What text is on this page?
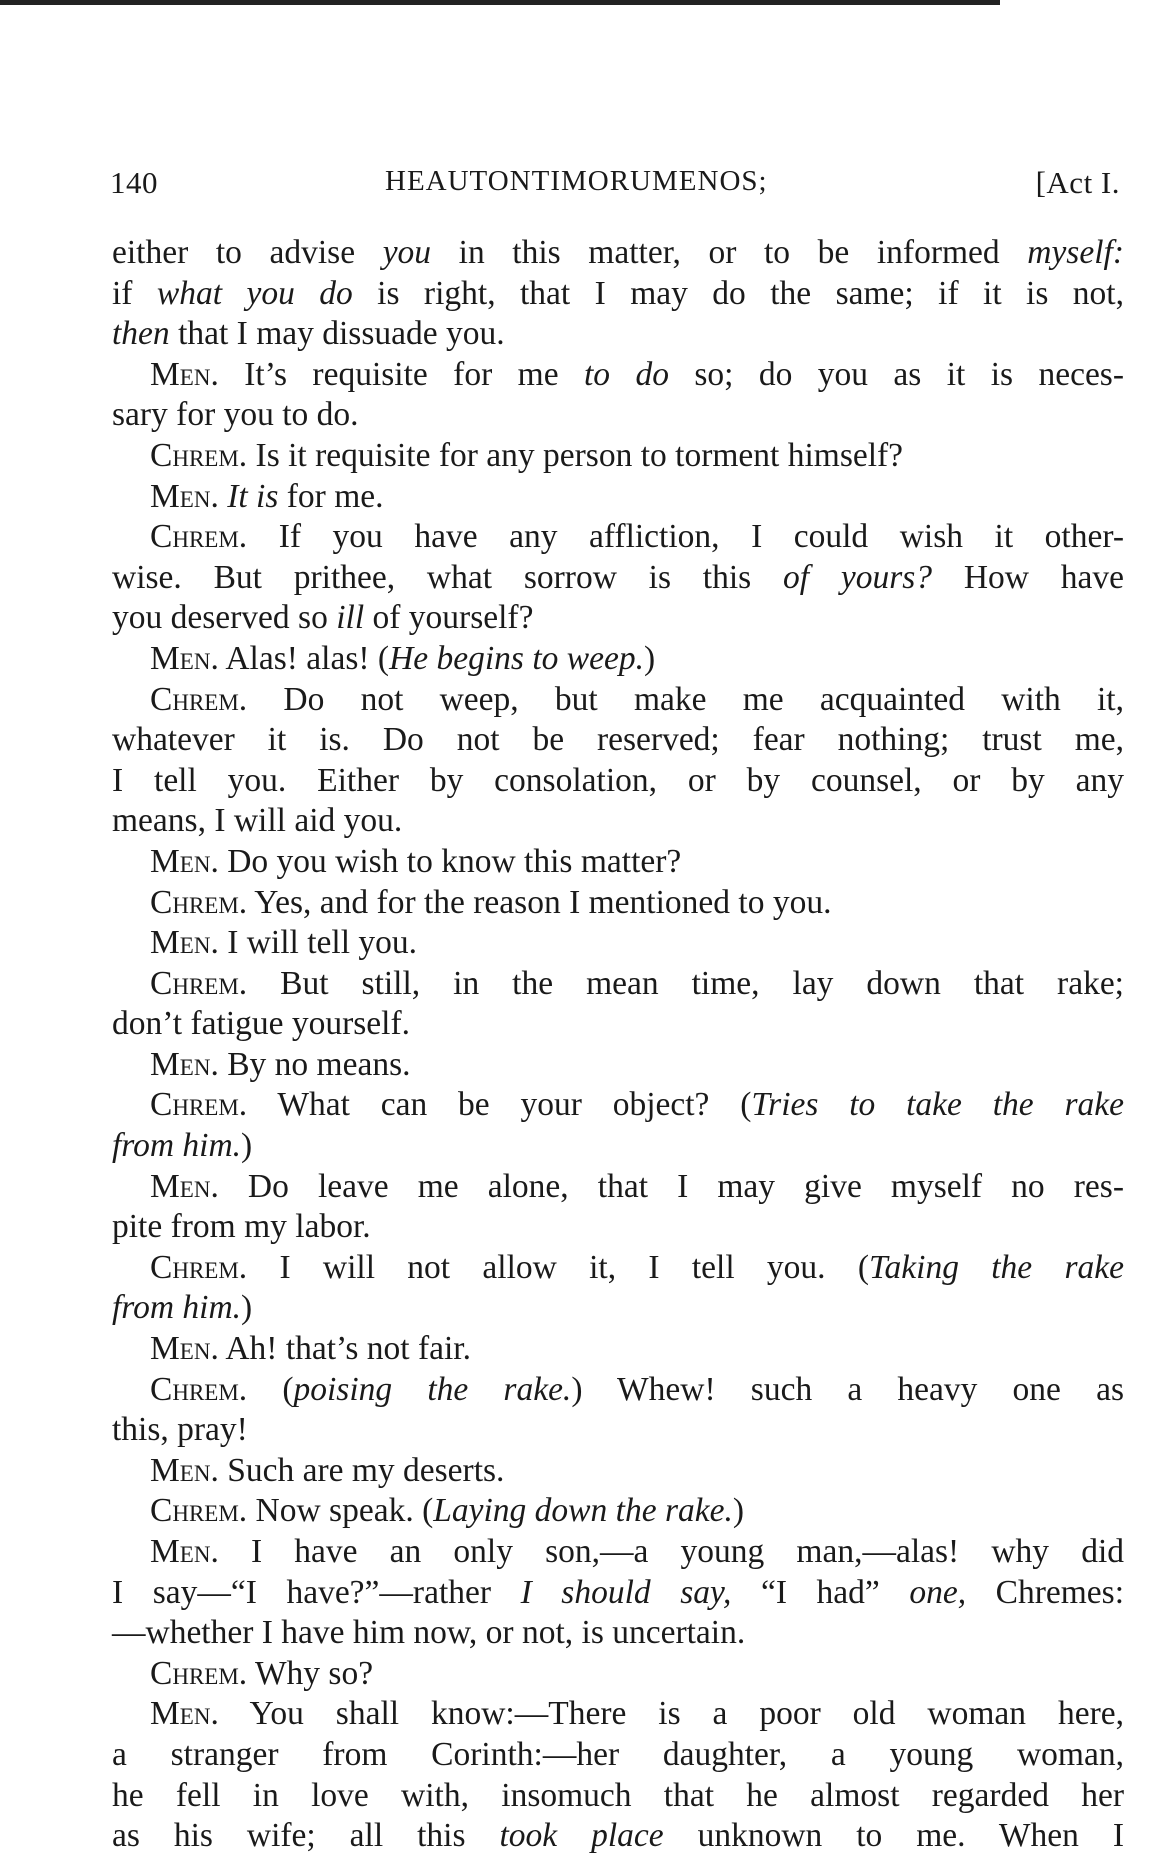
140	HEAUTONTIMORUMENOS;	[Act I.
either to advise you in this matter, or to be informed myself:
if what you do is right, that I may do the same; if it is not,
then that I may dissuade you.
Men. It’s requisite for me to do so; do you as it is neces-
sary for you to do.
Chrem. Is it requisite for any person to torment himself?
Men. It is for me.
Chrem. If you have any affliction, I could wish it other-
wise. But prithee, what sorrow is this of yours? How have
you deserved so ill of yourself?
Men. Alas! alas! (He begins to weep.)
Chrem. Do not weep, but make me acquainted with it,
whatever it is. Do not be reserved; fear nothing; trust me,
I tell you. Either by consolation, or by counsel, or by any
means, I will aid you.
Men. Do you wish to know this matter?
Chrem. Yes, and for the reason I mentioned to you.
Men. I will tell you.
Chrem. But still, in the mean time, lay down that rake;
don’t fatigue yourself.
Men. By no means.
Chrem. What can be your object? (Tries to take the rake
from him.)
Men. Do leave me alone, that I may give myself no res-
pite from my labor.
Chrem. I will not allow it, I tell you. (Taking the rake
from him.)
Men. Ah! that’s not fair.
Chrem. (poising the rake.) Whew! such a heavy one as
this, pray!
Men. Such are my deserts.
Chrem. Now speak. (Laying down the rake.)
Men. I have an only son,—a young man,—alas! why did
I say—“I have?”—rather I should say, “I had” one, Chremes:
—whether I have him now, or not, is uncertain.
Chrem. Why so?
Men. You shall know:—There is a poor old woman here,
a stranger from Corinth:—her daughter, a young woman,
he fell in love with, insomuch that he almost regarded her
as his wife; all this took place unknown to me. When I
